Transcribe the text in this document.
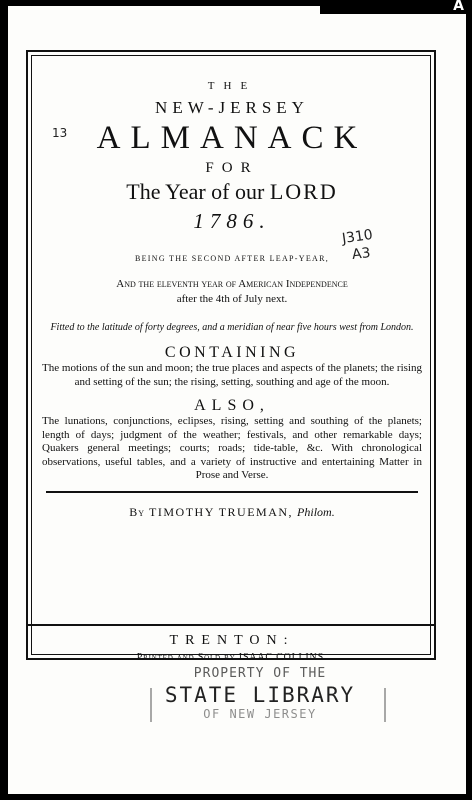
A
13
J310
A3
THE
NEW-JERSEY
ALMANACK
FOR
The Year of our LORD
1786.
BEING THE SECOND AFTER LEAP-YEAR,
And the eleventh year of American Independence
after the 4th of July next.
Fitted to the latitude of forty degrees, and a meridian of near five hours west from London.
CONTAINING
The motions of the sun and moon; the true places and aspects of the planets; the rising and setting of the sun; the rising, setting, southing and age of the moon.
ALSO,
The lunations, conjunctions, eclipses, rising, setting and southing of the planets; length of days; judgment of the weather; festivals, and other remarkable days; Quakers general meetings; courts; roads; tide-table, &c. With chronological observations, useful tables, and a variety of instructive and entertaining Matter in Prose and Verse.
By TIMOTHY TRUEMAN, Philom.
TRENTON:
Printed and Sold by ISAAC COLLINS.
PROPERTY OF THE
STATE LIBRARY
OF NEW JERSEY
